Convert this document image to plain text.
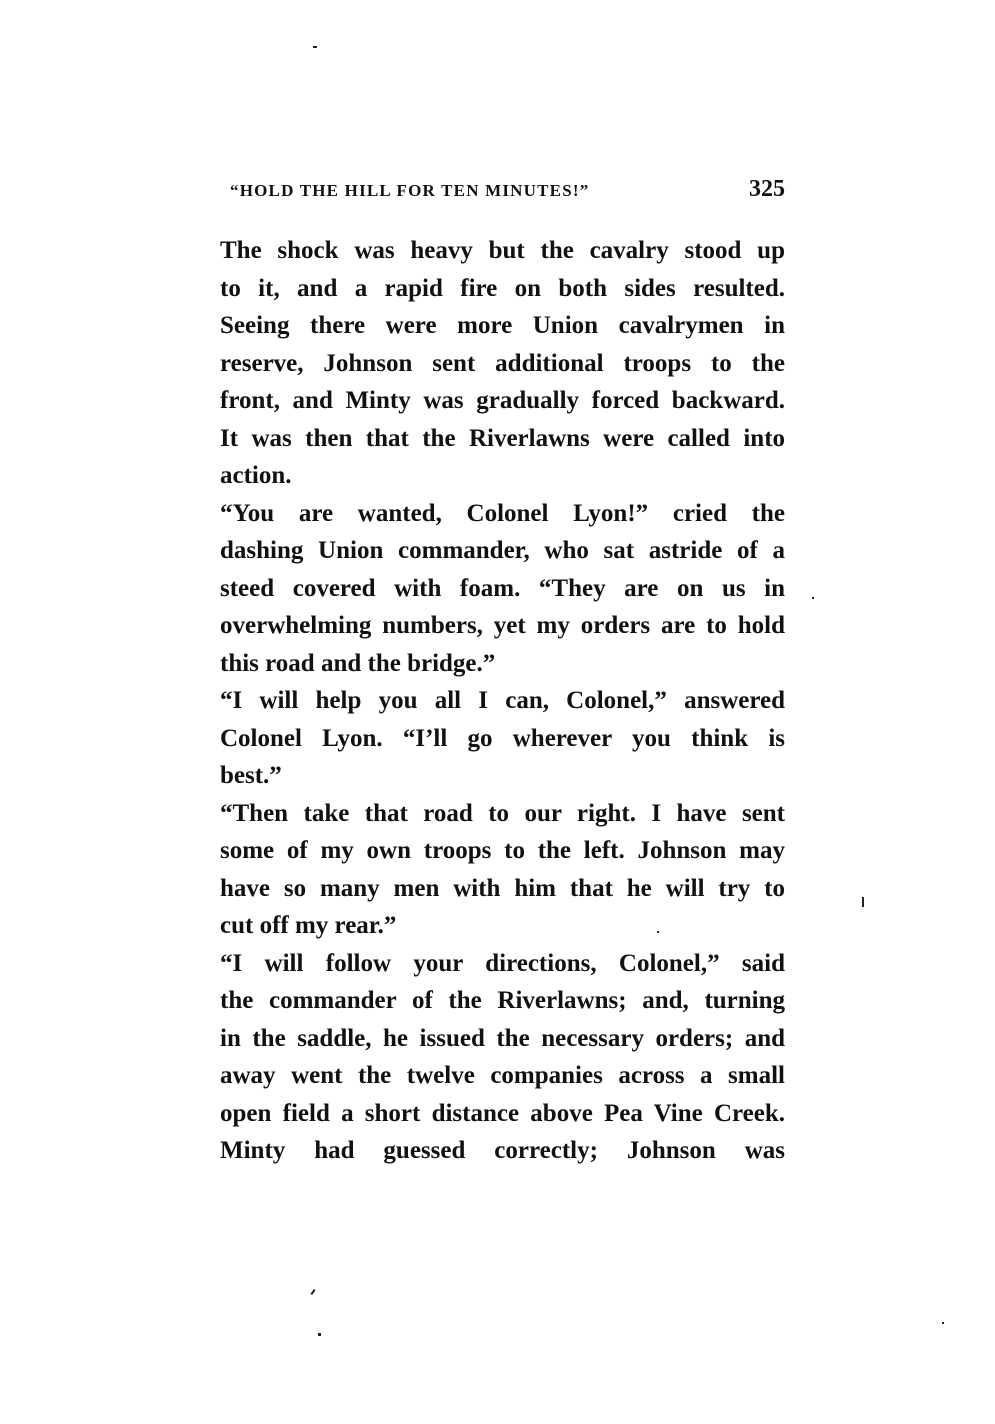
“HOLD THE HILL FOR TEN MINUTES!”	325

The shock was heavy but the cavalry stood up
to it, and a rapid fire on both sides resulted.
Seeing there were more Union cavalrymen in
reserve, Johnson sent additional troops to the
front, and Minty was gradually forced backward.
It was then that the Riverlawns were called into
action.

“You are wanted, Colonel Lyon!” cried the
dashing Union commander, who sat astride of a
steed covered with foam. “They are on us in
overwhelming numbers, yet my orders are to hold
this road and the bridge.”

“I will help you all I can, Colonel,” answered
Colonel Lyon. “I’ll go wherever you think is
best.”

“Then take that road to our right. I have sent
some of my own troops to the left. Johnson may
have so many men with him that he will try to
cut off my rear.”

“I will follow your directions, Colonel,” said
the commander of the Riverlawns; and, turning
in the saddle, he issued the necessary orders; and
away went the twelve companies across a small
open field a short distance above Pea Vine Creek.

Minty had guessed correctly; Johnson was
